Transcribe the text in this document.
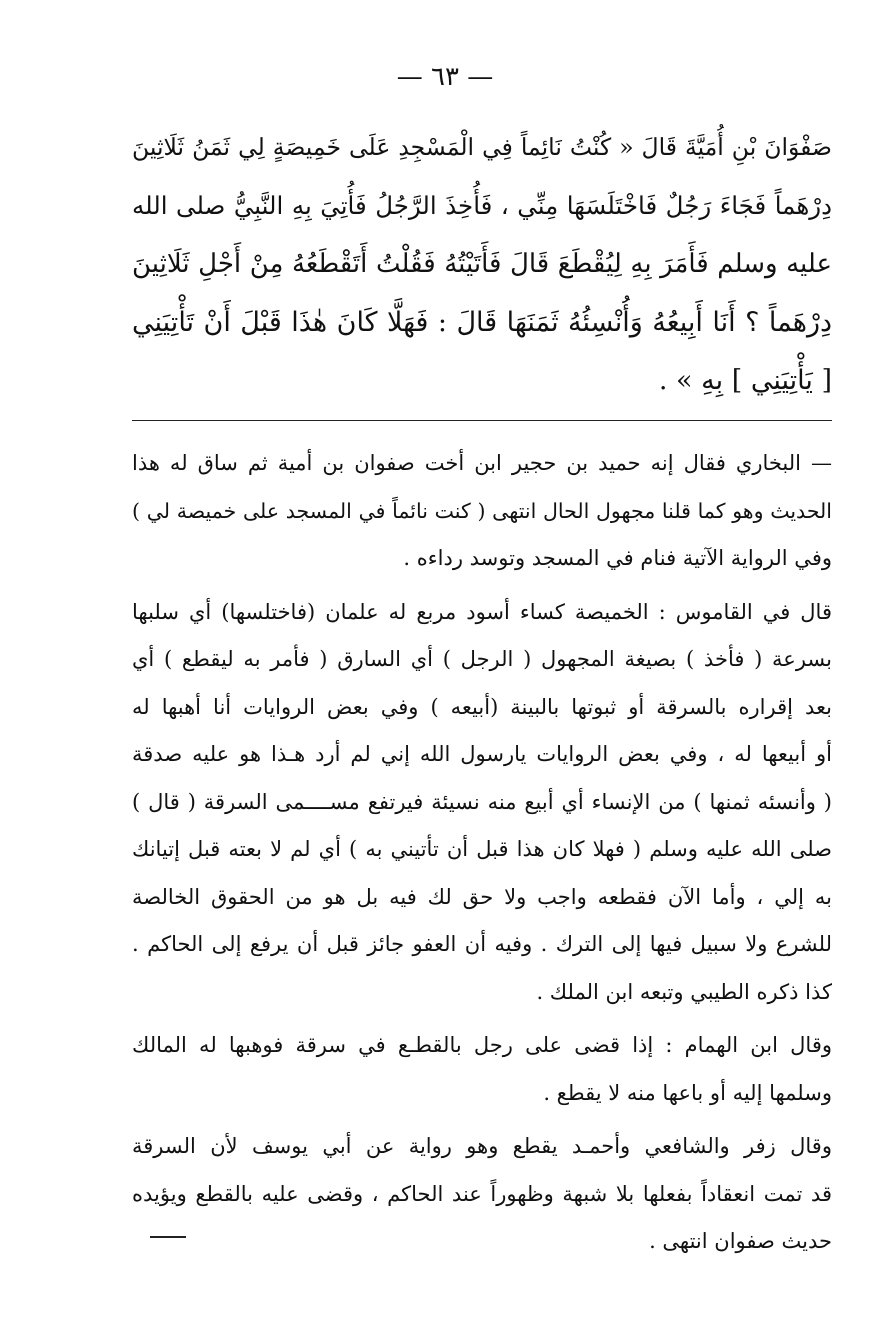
— ٦٣ —
صَفْوَانَ بْنِ أُمَيَّةَ قَالَ « كُنْتُ نَائِماً فِي الْمَسْجِدِ عَلَى خَمِيصَةٍ لِي ثَمَنُ ثَلَاثِينَ
دِرْهَماً فَجَاءَ رَجُلٌ فَاخْتَلَسَهَا مِنِّي ، فَأُخِذَ الرَّجُلُ فَأُتِيَ بِهِ النَّبِيُّ صلى الله
عليه وسلم فَأَمَرَ بِهِ لِيُقْطَعَ قَالَ فَأَتَيْتُهُ فَقُلْتُ أَتَقْطَعُهُ مِنْ أَجْلِ ثَلَاثِينَ
دِرْهَماً ؟ أَنَا أَبِيعُهُ وَأُنْسِئُهُ ثَمَنَهَا قَالَ : فَهَلَّا كَانَ هٰذَا قَبْلَ أَنْ تَأْتِيَنِي
[ يَأْتِيَنِي ] بِهِ » .
— البخاري فقال إنه حميد بن حجير ابن أخت صفوان بن أمية ثم ساق له هذا
الحديث وهو كما قلنا مجهول الحال انتهى ( كنت نائماً في المسجد على خميصة لي )
وفي الرواية الآتية فنام في المسجد وتوسد رداءه .
قال في القاموس : الخميصة كساء أسود مربع له علمان (فاختلسها) أي سلبها
بسرعة ( فأخذ ) بصيغة المجهول ( الرجل ) أي السارق ( فأمر به ليقطع ) أي
بعد إقراره بالسرقة أو ثبوتها بالبينة (أبيعه ) وفي بعض الروايات أنا أهبها له
أو أبيعها له ، وفي بعض الروايات يارسول الله إني لم أرد هـذا هو عليه صدقة
( وأنسئه ثمنها ) من الإنساء أي أبيع منه نسيئة فيرتفع مســــمى السرقة ( قال )
صلى الله عليه وسلم ( فهلا كان هذا قبل أن تأتيني به ) أي لم لا بعته قبل إتيانك
به إلي ، وأما الآن فقطعه واجب ولا حق لك فيه بل هو من الحقوق الخالصة
للشرع ولا سبيل فيها إلى الترك . وفيه أن العفو جائز قبل أن يرفع إلى الحاكم .
كذا ذكره الطيبي وتبعه ابن الملك .
وقال ابن الهمام : إذا قضى على رجل بالقطـع في سرقة فوهبها له المالك
وسلمها إليه أو باعها منه لا يقطع .
وقال زفر والشافعي وأحمـد يقطع وهو رواية عن أبي يوسف لأن السرقة
قد تمت انعقاداً بفعلها بلا شبهة وظهوراً عند الحاكم ، وقضى عليه بالقطع ويؤيده
حديث صفوان انتهى .
